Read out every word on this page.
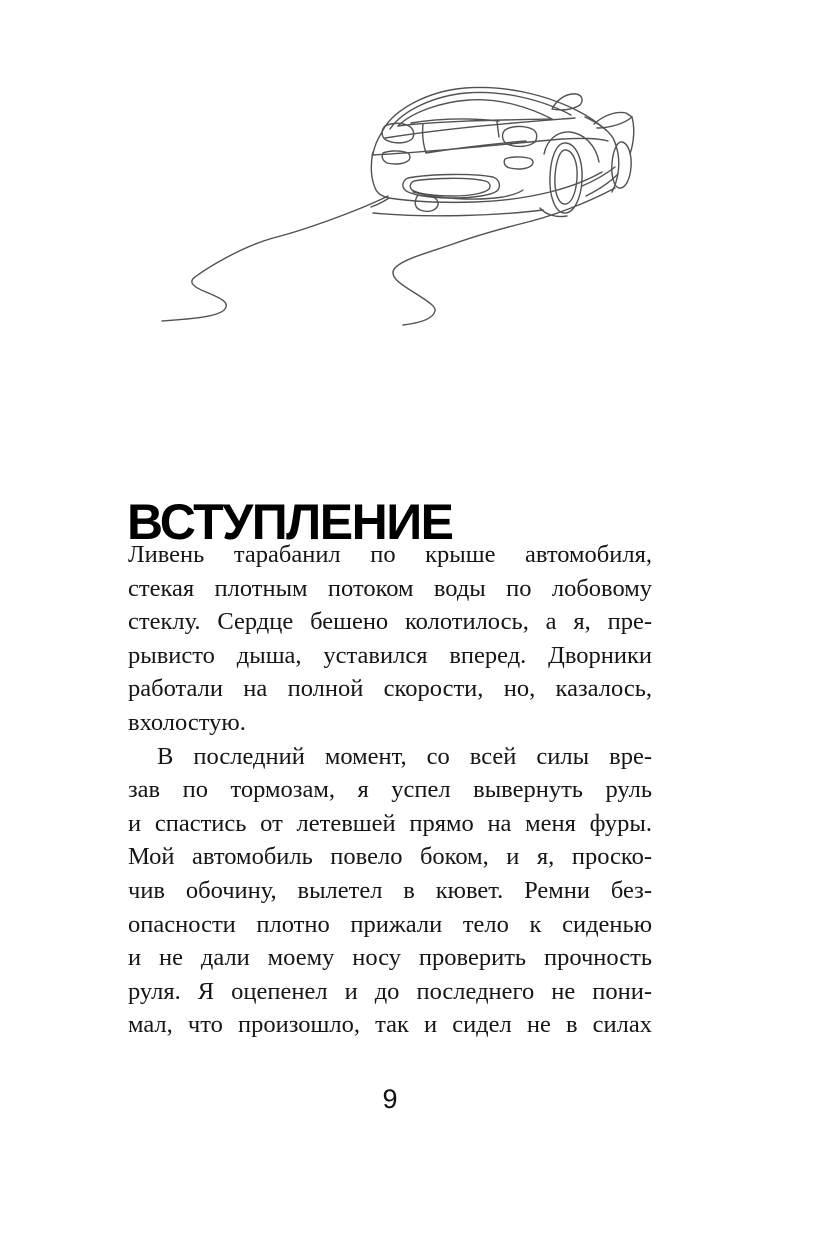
ВСТУПЛЕНИЕ
Ливень тарабанил по крыше автомобиля,
стекая плотным потоком воды по лобовому
стеклу. Сердце бешено колотилось, а я, пре-
рывисто дыша, уставился вперед. Дворники
работали на полной скорости, но, казалось,
вхолостую.
В последний момент, со всей силы вре-
зав по тормозам, я успел вывернуть руль
и спастись от летевшей прямо на меня фуры.
Мой автомобиль повело боком, и я, проско-
чив обочину, вылетел в кювет. Ремни без-
опасности плотно прижали тело к сиденью
и не дали моему носу проверить прочность
руля. Я оцепенел и до последнего не пони-
мал, что произошло, так и сидел не в силах
9
